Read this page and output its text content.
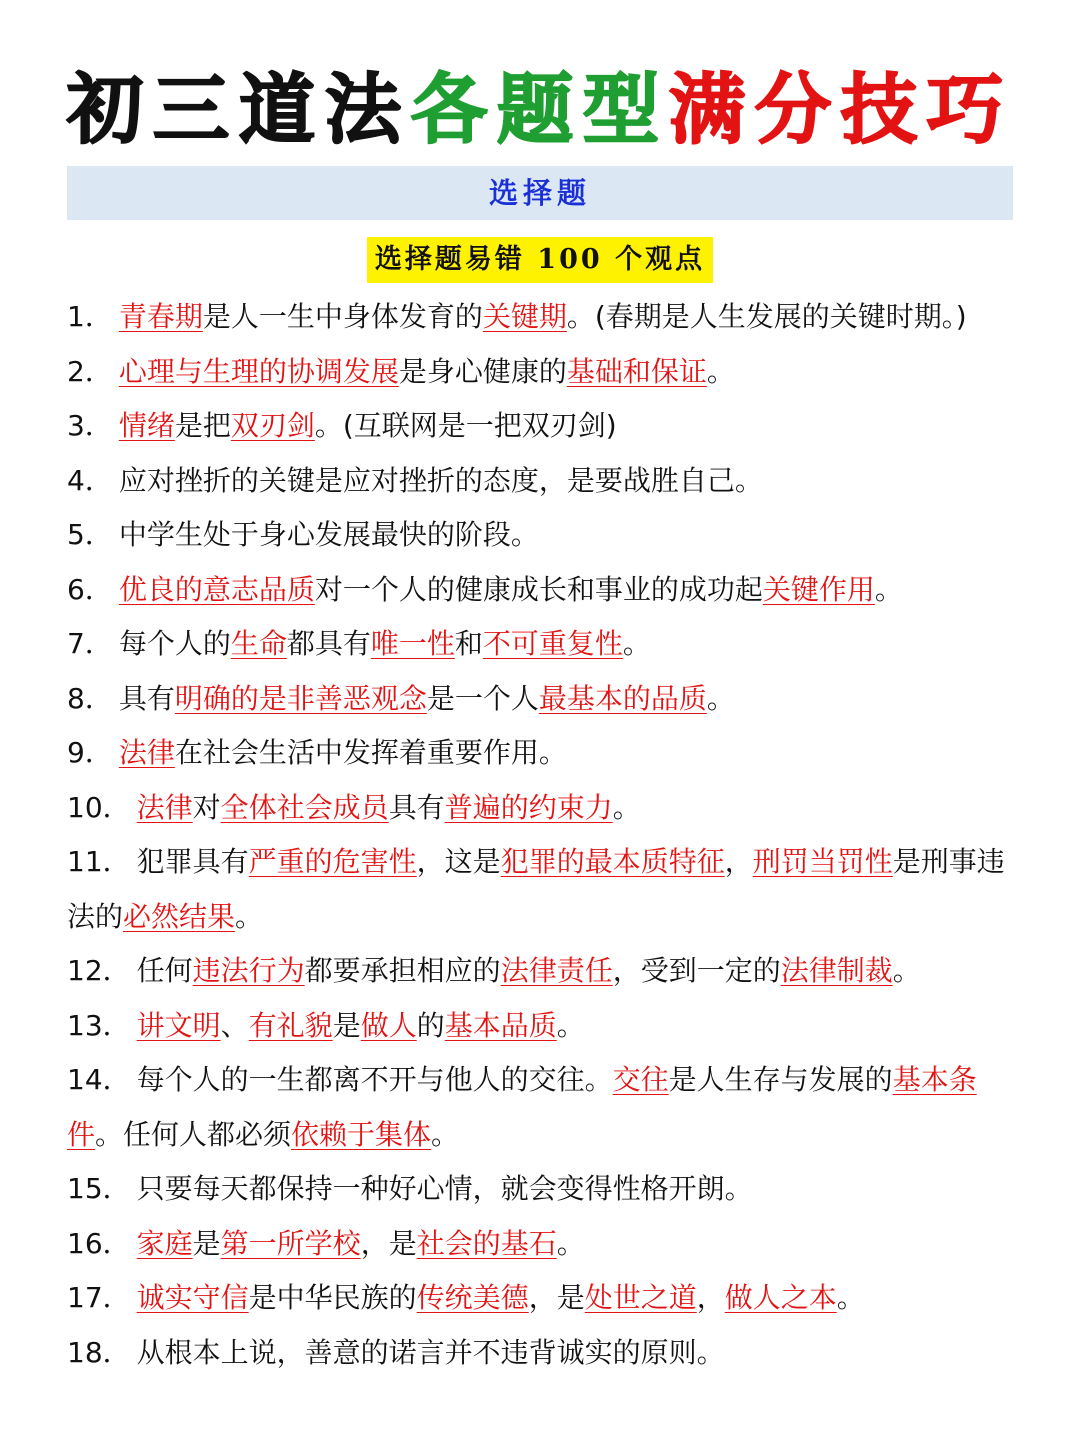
初三道法各题型满分技巧
选择题
选择题易错 100 个观点
1． 青春期是人一生中身体发育的关键期。(春期是人生发展的关键时期。)
2． 心理与生理的协调发展是身心健康的基础和保证。
3． 情绪是把双刃剑。(互联网是一把双刃剑)
4． 应对挫折的关键是应对挫折的态度，是要战胜自己。
5． 中学生处于身心发展最快的阶段。
6． 优良的意志品质对一个人的健康成长和事业的成功起关键作用。
7． 每个人的生命都具有唯一性和不可重复性。
8． 具有明确的是非善恶观念是一个人最基本的品质。
9． 法律在社会生活中发挥着重要作用。
10． 法律对全体社会成员具有普遍的约束力。
11． 犯罪具有严重的危害性，这是犯罪的最本质特征，刑罚当罚性是刑事违法的必然结果。
12． 任何违法行为都要承担相应的法律责任，受到一定的法律制裁。
13． 讲文明、有礼貌是做人的基本品质。
14． 每个人的一生都离不开与他人的交往。交往是人生存与发展的基本条件。任何人都必须依赖于集体。
15． 只要每天都保持一种好心情，就会变得性格开朗。
16． 家庭是第一所学校，是社会的基石。
17． 诚实守信是中华民族的传统美德，是处世之道，做人之本。
18． 从根本上说，善意的诺言并不违背诚实的原则。
